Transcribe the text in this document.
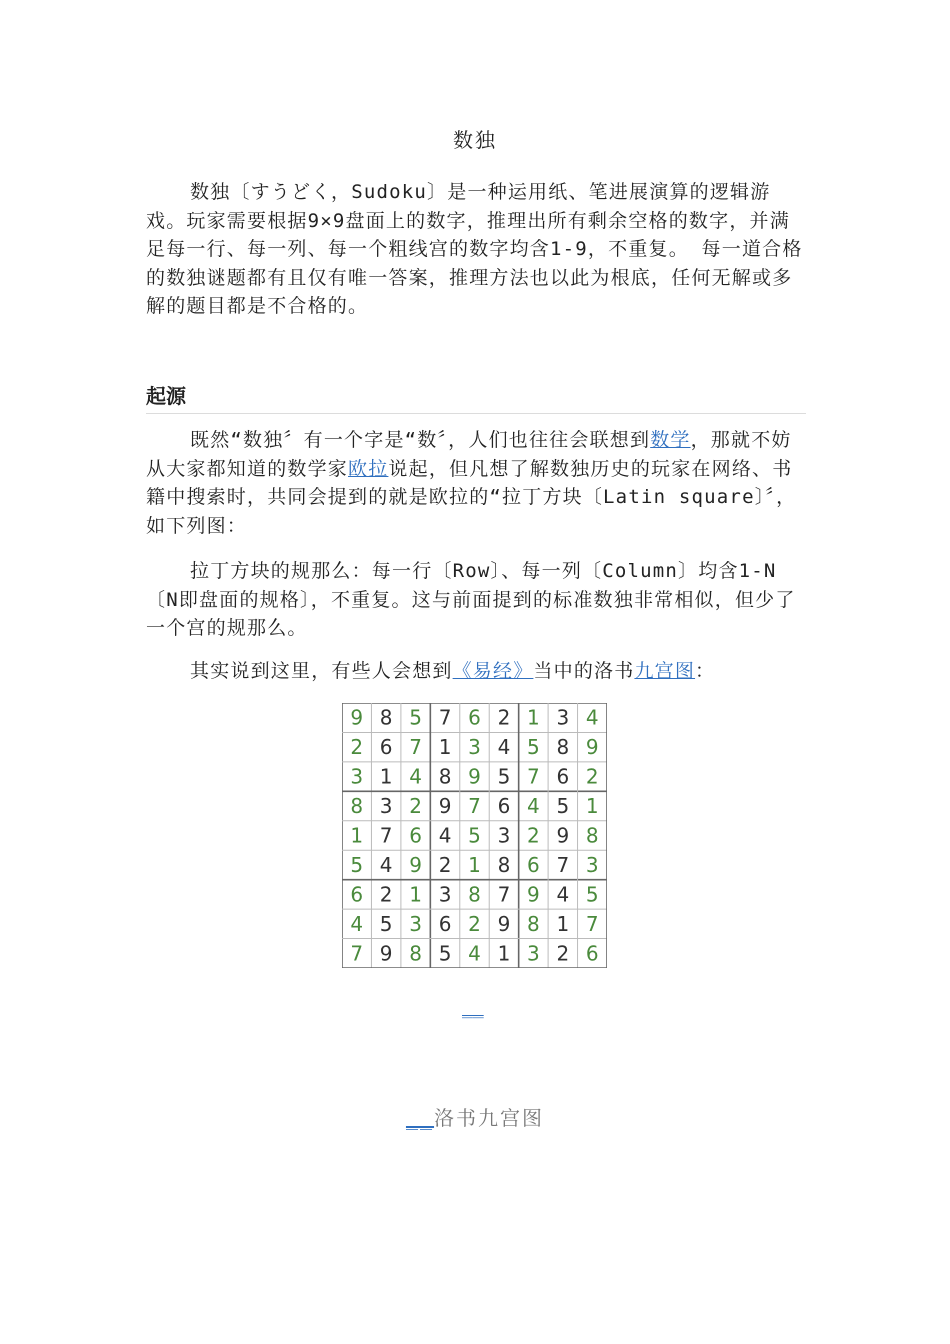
数独
数独〔すうどく，Sudoku〕是一种运用纸、笔进展演算的逻辑游戏。玩家需要根据9×9盘面上的数字，推理出所有剩余空格的数字，并满足每一行、每一列、每一个粗线宫的数字均含1-9，不重复。 每一道合格的数独谜题都有且仅有唯一答案，推理方法也以此为根底，任何无解或多解的题目都是不合格的。
起源
既然“数独〞有一个字是“数〞，人们也往往会联想到数学，那就不妨从大家都知道的数学家欧拉说起，但凡想了解数独历史的玩家在网络、书籍中搜索时，共同会提到的就是欧拉的“拉丁方块〔Latin square〕〞，如下列图：
拉丁方块的规那么：每一行〔Row〕、每一列〔Column〕均含1-N〔N即盘面的规格〕，不重复。这与前面提到的标准数独非常相似，但少了一个宫的规那么。
其实说到这里，有些人会想到《易经》当中的洛书九宫图：
9 8 5 7 6 2 1 3 4
2 6 7 1 3 4 5 8 9
3 1 4 8 9 5 7 6 2
8 3 2 9 7 6 4 5 1
1 7 6 4 5 3 2 9 8
5 4 9 2 1 8 6 7 3
6 2 1 3 8 7 9 4 5
4 5 3 6 2 9 8 1 7
7 9 8 5 4 1 3 2 6
__
__洛书九宫图
